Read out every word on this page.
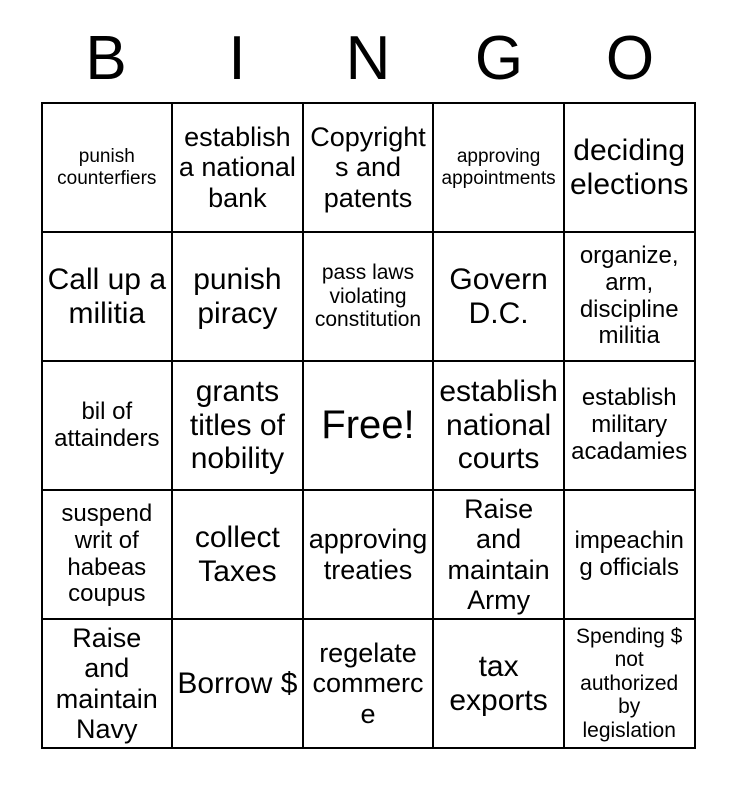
B	I	N	G	O
punish counterfiers	establish a national bank	Copyrights and patents	approving appointments	deciding elections
Call up a militia	punish piracy	pass laws violating constitution	Govern D.C.	organize, arm, discipline militia
bil of attainders	grants titles of nobility	Free!	establish national courts	establish military acadamies
suspend writ of habeas coupus	collect Taxes	approving treaties	Raise and maintain Army	impeaching officials
Raise and maintain Navy	Borrow $	regelate commerce	tax exports	Spending $ not authorized by legislation
